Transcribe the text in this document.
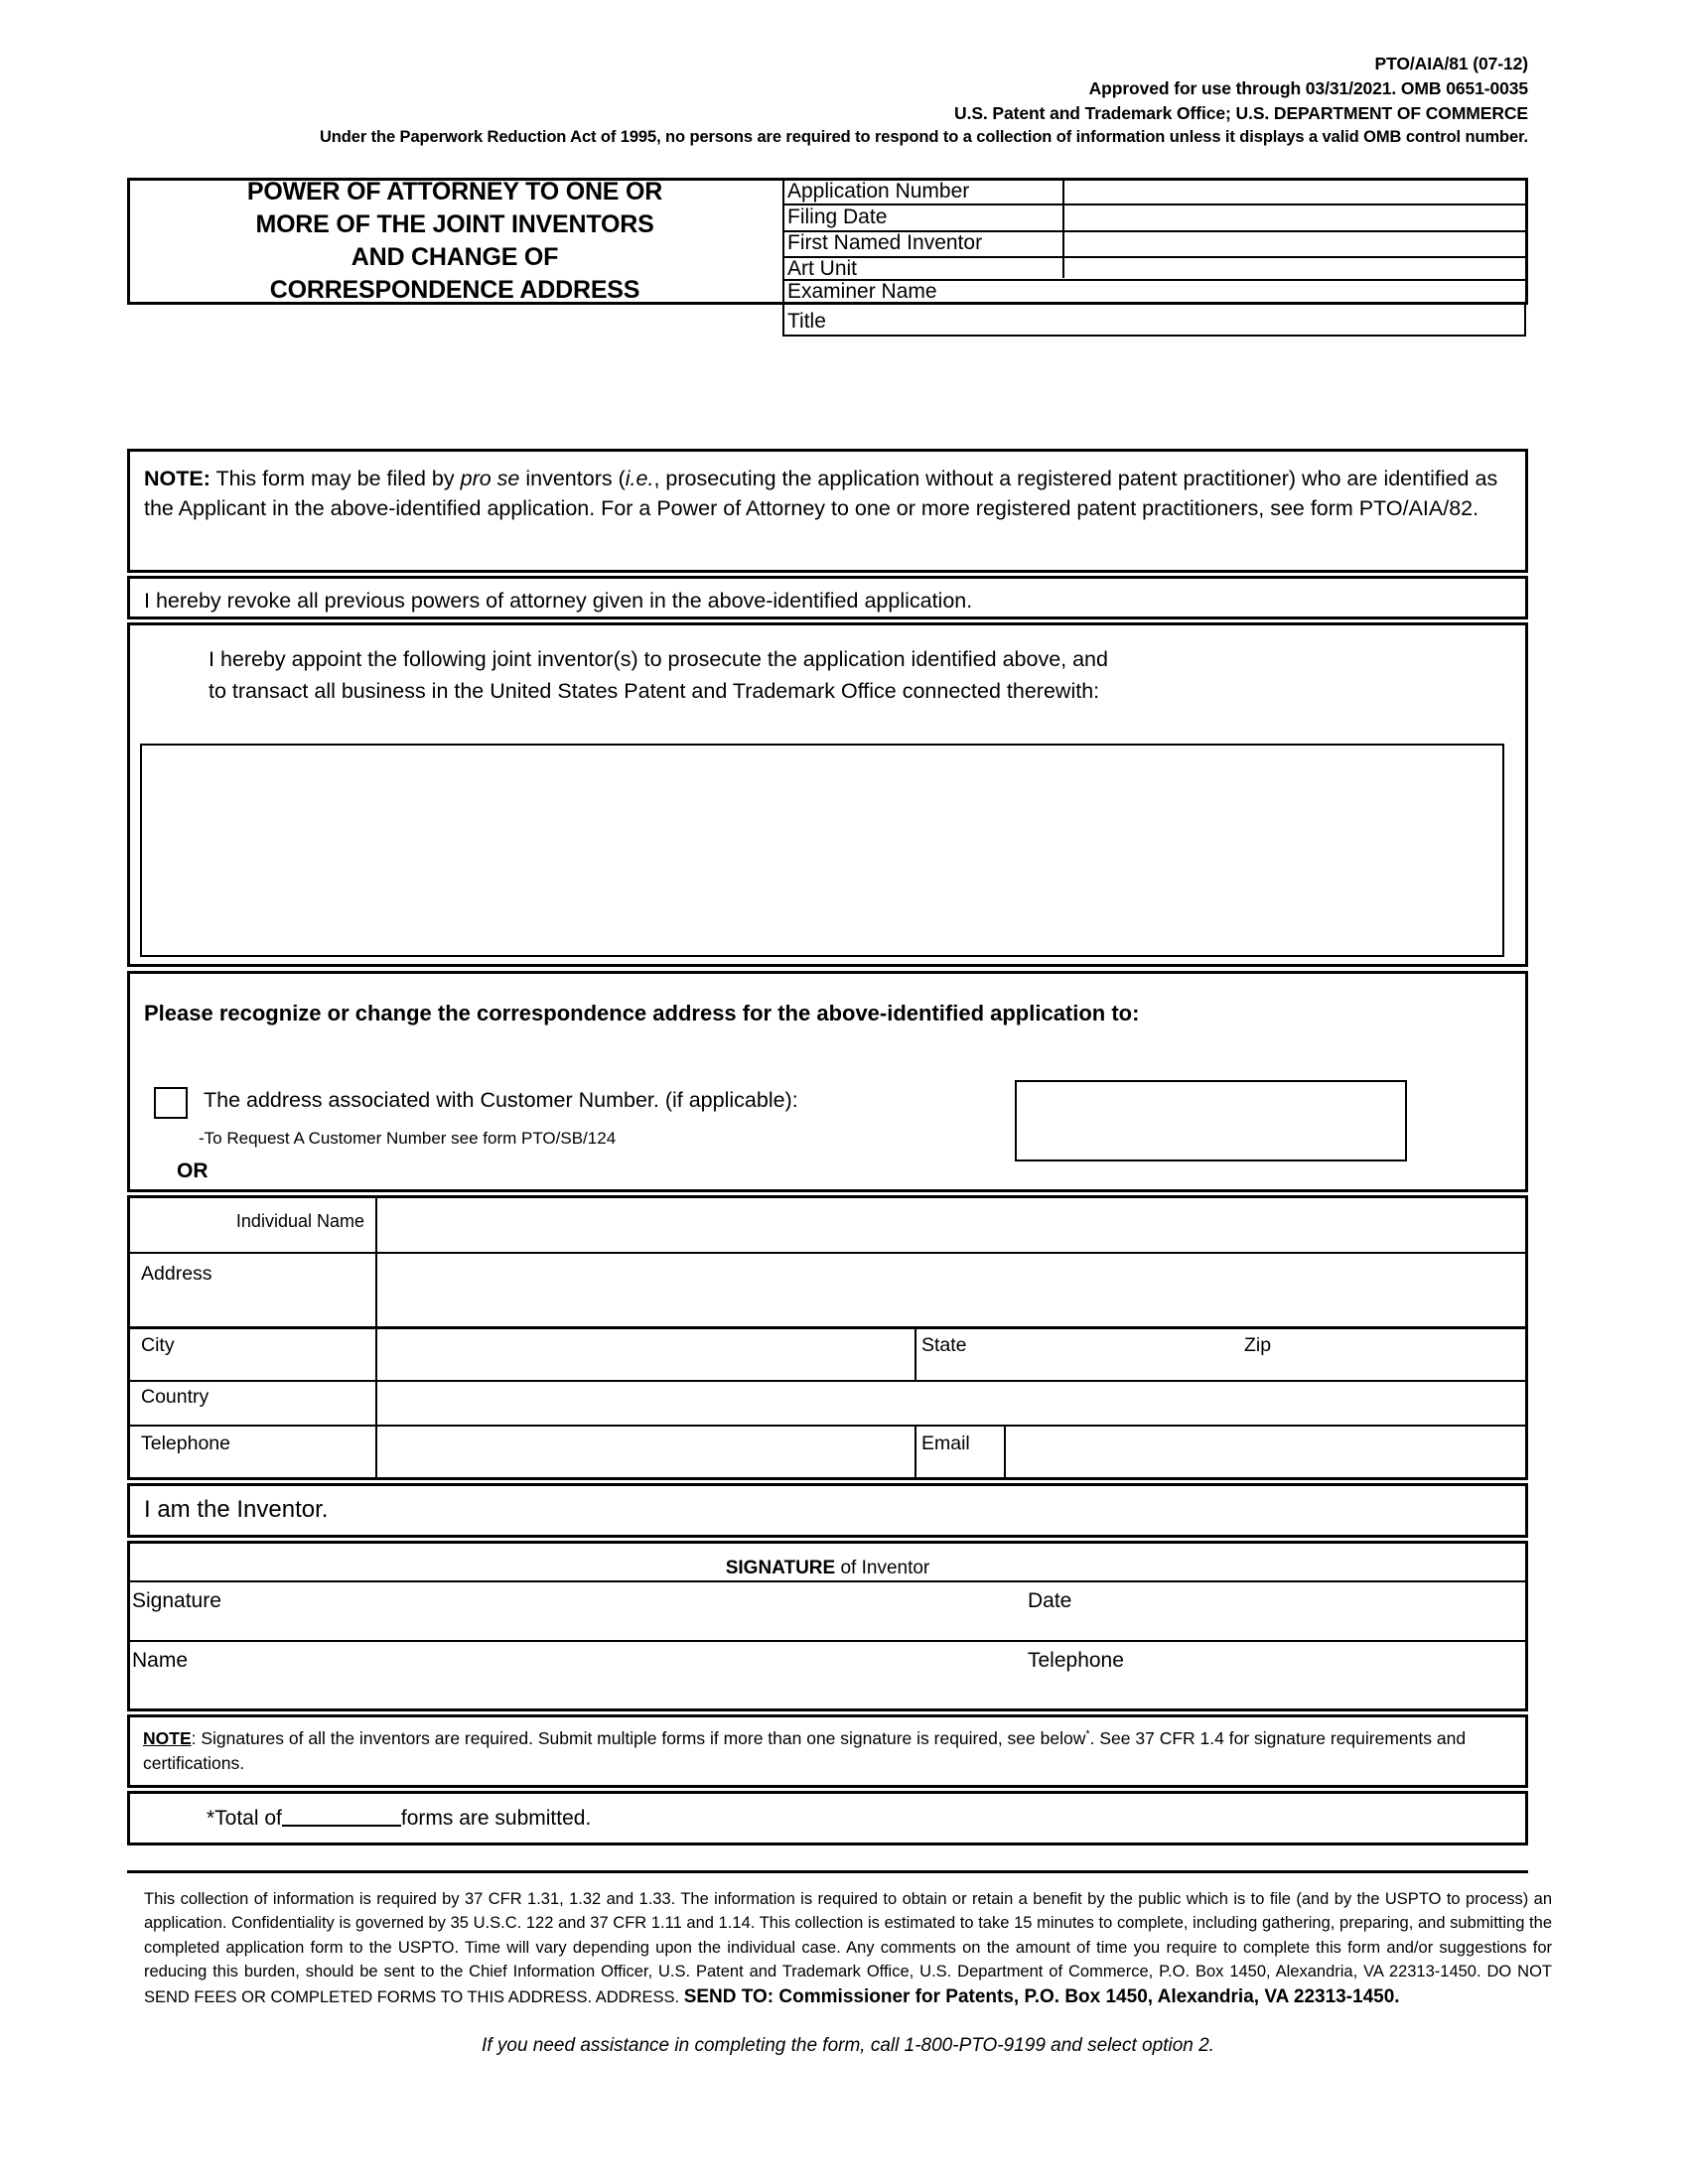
PTO/AIA/81 (07-12)
Approved for use through 03/31/2021. OMB 0651-0035
U.S. Patent and Trademark Office; U.S. DEPARTMENT OF COMMERCE
Under the Paperwork Reduction Act of 1995, no persons are required to respond to a collection of information unless it displays a valid OMB control number.
POWER OF ATTORNEY TO ONE OR
MORE OF THE JOINT INVENTORS
AND CHANGE OF
CORRESPONDENCE ADDRESS
Application Number
Filing Date
First Named Inventor
Art Unit
Examiner Name
Title
NOTE: This form may be filed by pro se inventors (i.e., prosecuting the application without a registered patent practitioner) who are identified as the Applicant in the above-identified application. For a Power of Attorney to one or more registered patent practitioners, see form PTO/AIA/82.
I hereby revoke all previous powers of attorney given in the above-identified application.
I hereby appoint the following joint inventor(s) to prosecute the application identified above, and
to transact all business in the United States Patent and Trademark Office connected therewith:
Please recognize or change the correspondence address for the above-identified application to:
The address associated with Customer Number. (if applicable):
-To Request A Customer Number see form PTO/SB/124
OR
Individual Name
Address
City	State	Zip
Country
Telephone	Email
I am the Inventor.
SIGNATURE of Inventor
Signature	Date
Name	Telephone
NOTE: Signatures of all the inventors are required. Submit multiple forms if more than one signature is required, see below*. See 37 CFR 1.4 for signature requirements and certifications.
*Total of	forms are submitted.
This collection of information is required by 37 CFR 1.31, 1.32 and 1.33. The information is required to obtain or retain a benefit by the public which is to file (and by the USPTO to process) an application. Confidentiality is governed by 35 U.S.C. 122 and 37 CFR 1.11 and 1.14. This collection is estimated to take 15 minutes to complete, including gathering, preparing, and submitting the completed application form to the USPTO. Time will vary depending upon the individual case. Any comments on the amount of time you require to complete this form and/or suggestions for reducing this burden, should be sent to the Chief Information Officer, U.S. Patent and Trademark Office, U.S. Department of Commerce, P.O. Box 1450, Alexandria, VA 22313-1450. DO NOT SEND FEES OR COMPLETED FORMS TO THIS ADDRESS. ADDRESS. SEND TO: Commissioner for Patents, P.O. Box 1450, Alexandria, VA 22313-1450.
If you need assistance in completing the form, call 1-800-PTO-9199 and select option 2.
